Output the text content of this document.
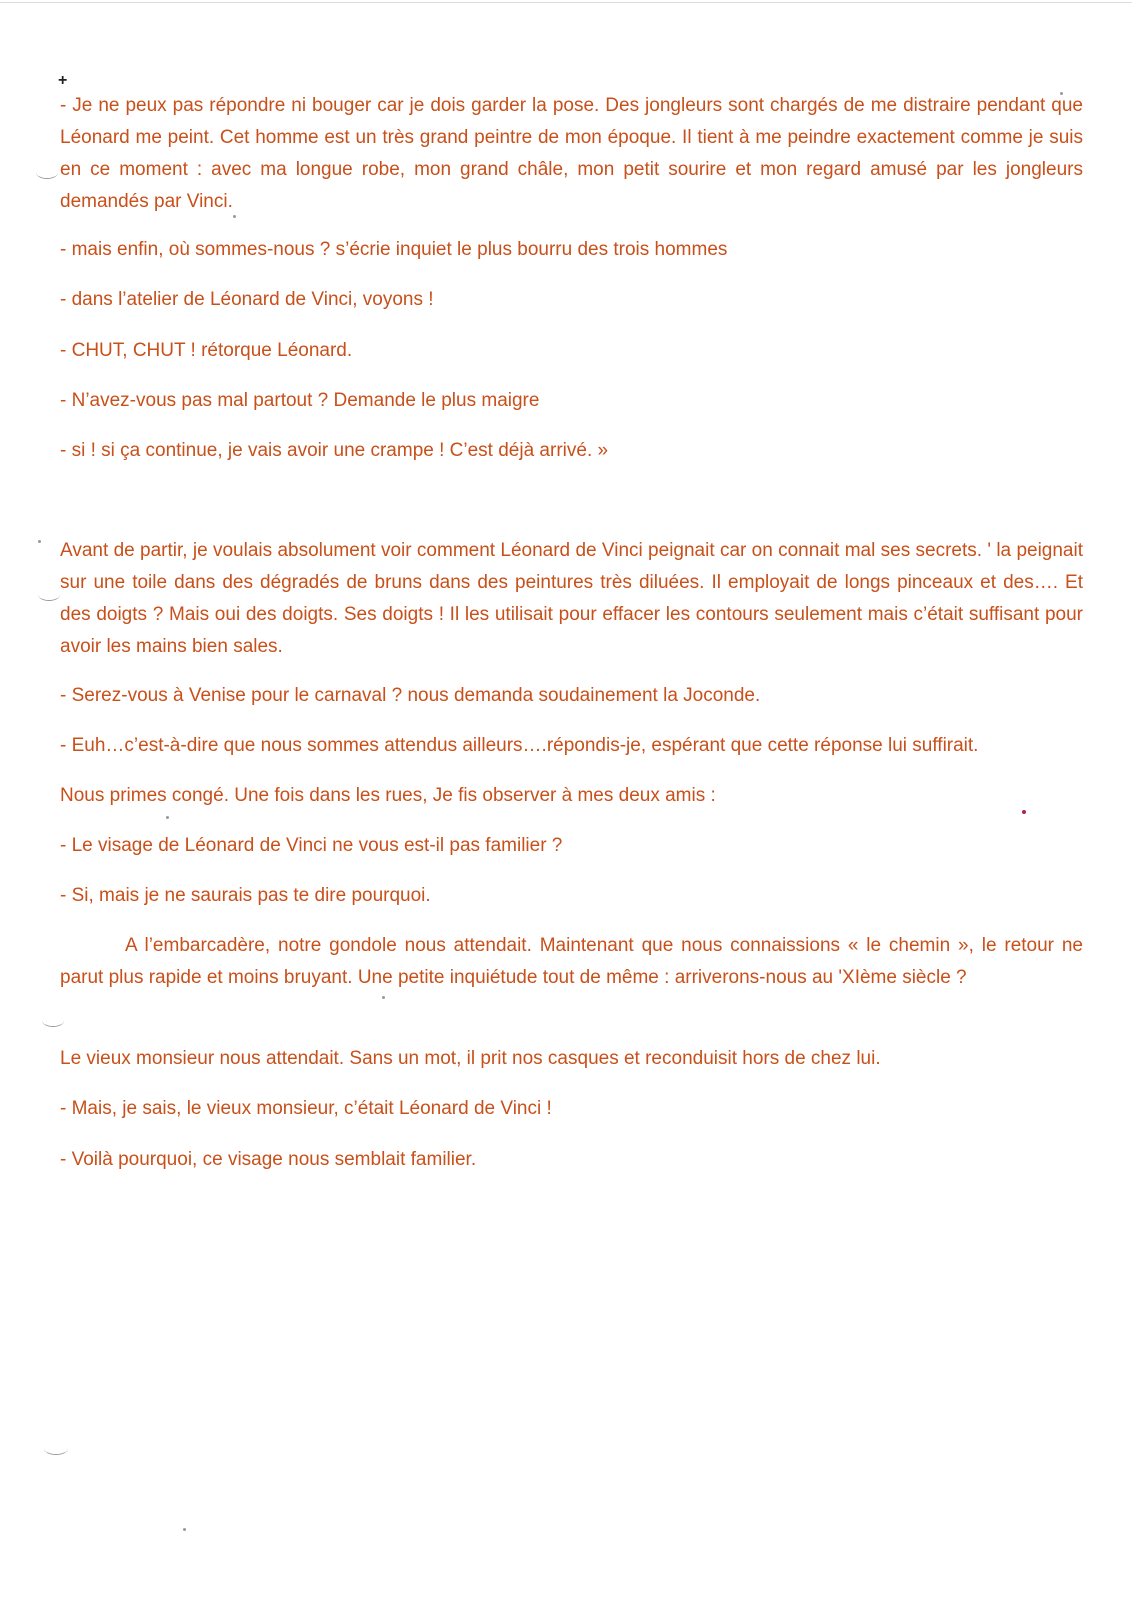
+

- Je ne peux pas répondre ni bouger car je dois garder la pose. Des jongleurs sont chargés de me distraire pendant que Léonard me peint. Cet homme est un très grand peintre de mon époque. Il tient à me peindre exactement comme je suis en ce moment : avec ma longue robe, mon grand châle, mon petit sourire et mon regard amusé par les jongleurs demandés par Vinci.

- mais enfin, où sommes-nous ? s’écrie inquiet le plus bourru des trois hommes

- dans l’atelier de Léonard de Vinci, voyons !

- CHUT, CHUT ! rétorque Léonard.

- N’avez-vous pas mal partout ? Demande le plus maigre

- si ! si ça continue, je vais avoir une crampe ! C’est déjà arrivé. »

Avant de partir, je voulais absolument voir comment Léonard de Vinci peignait car on connait mal ses secrets. ' la peignait sur une toile dans des dégradés de bruns dans des peintures très diluées. Il employait de longs pinceaux et des…. Et des doigts ? Mais oui des doigts. Ses doigts ! Il les utilisait pour effacer les contours seulement mais c’était suffisant pour avoir les mains bien sales.

- Serez-vous à Venise pour le carnaval ? nous demanda soudainement la Joconde.

- Euh…c’est-à-dire que nous sommes attendus ailleurs….répondis-je, espérant que cette réponse lui suffirait.

Nous primes congé. Une fois dans les rues, Je fis observer à mes deux amis :

- Le visage de Léonard de Vinci ne vous est-il pas familier ?

- Si, mais je ne saurais pas te dire pourquoi.

A l’embarcadère, notre gondole nous attendait. Maintenant que nous connaissions « le chemin », le retour ne parut plus rapide et moins bruyant. Une petite inquiétude tout de même : arriverons-nous au 'XIème siècle ?

Le vieux monsieur nous attendait. Sans un mot, il prit nos casques et reconduisit hors de chez lui.

- Mais, je sais, le vieux monsieur, c’était Léonard de Vinci !

- Voilà pourquoi, ce visage nous semblait familier.
